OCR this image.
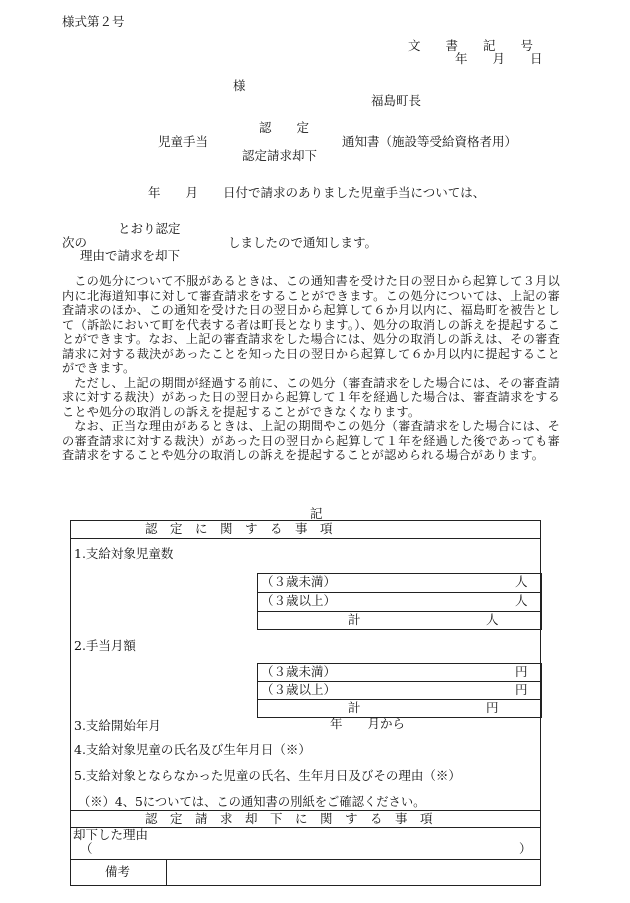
様式第２号
文　　書　　記　　号
年　　月　　日
様
福島町長
認　　定
児童手当	通知書（施設等受給資格者用）
認定請求却下
年　　月　　日付で請求のありました児童手当については、
とおり認定
次の	しましたので通知します。
理由で請求を却下

この処分について不服があるときは、この通知書を受けた日の翌日から起算して３月以内に北海道知事に対して審査請求をすることができます。この処分については、上記の審査請求のほか、この通知を受けた日の翌日から起算して６か月以内に、福島町を被告として（訴訟において町を代表する者は町長となります。）、処分の取消しの訴えを提起することができます。なお、上記の審査請求をした場合には、処分の取消しの訴えは、その審査請求に対する裁決があったことを知った日の翌日から起算して６か月以内に提起することができます。

ただし、上記の期間が経過する前に、この処分（審査請求をした場合には、その審査請求に対する裁決）があった日の翌日から起算して１年を経過した場合は、審査請求をすることや処分の取消しの訴えを提起することができなくなります。

なお、正当な理由があるときは、上記の期間やこの処分（審査請求をした場合には、その審査請求に対する裁決）があった日の翌日から起算して１年を経過した後であっても審査請求をすることや処分の取消しの訴えを提起することが認められる場合があります。

記
認　定　に　関　す　る　事　項
1.支給対象児童数
（３歳未満）	人
（３歳以上）	人
計	人
2.手当月額
（３歳未満）	円
（３歳以上）	円
計	円
3.支給開始年月	年　　月から
4.支給対象児童の氏名及び生年月日（※）
5.支給対象とならなかった児童の氏名、生年月日及びその理由（※）
（※）4、5については、この通知書の別紙をご確認ください。
認　定　請　求　却　下　に　関　す　る　事　項
却下した理由
（	）
備考
